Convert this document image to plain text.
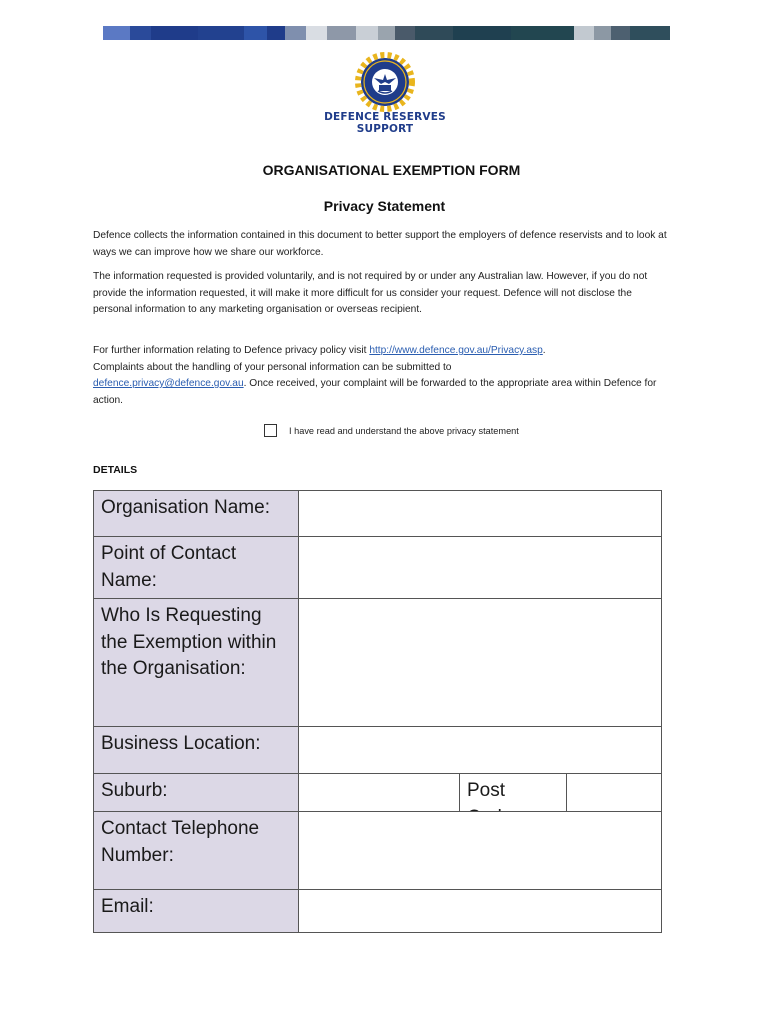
DEFENCE RESERVES SUPPORT
ORGANISATIONAL EXEMPTION FORM
Privacy Statement
Defence collects the information contained in this document to better support the employers of defence reservists and to look at ways we can improve how we share our workforce.
The information requested is provided voluntarily, and is not required by or under any Australian law. However, if you do not provide the information requested, it will make it more difficult for us consider your request. Defence will not disclose the personal information to any marketing organisation or overseas recipient.
For further information relating to Defence privacy policy visit http://www.defence.gov.au/Privacy.asp.
Complaints about the handling of your personal information can be submitted to
defence.privacy@defence.gov.au. Once received, your complaint will be forwarded to the appropriate area within Defence for action.
I have read and understand the above privacy statement
DETAILS
Organisation Name:
Point of Contact Name:
Who Is Requesting the Exemption within the Organisation:
Business Location:
Suburb:	Post
Contact Telephone Number:
Email:
